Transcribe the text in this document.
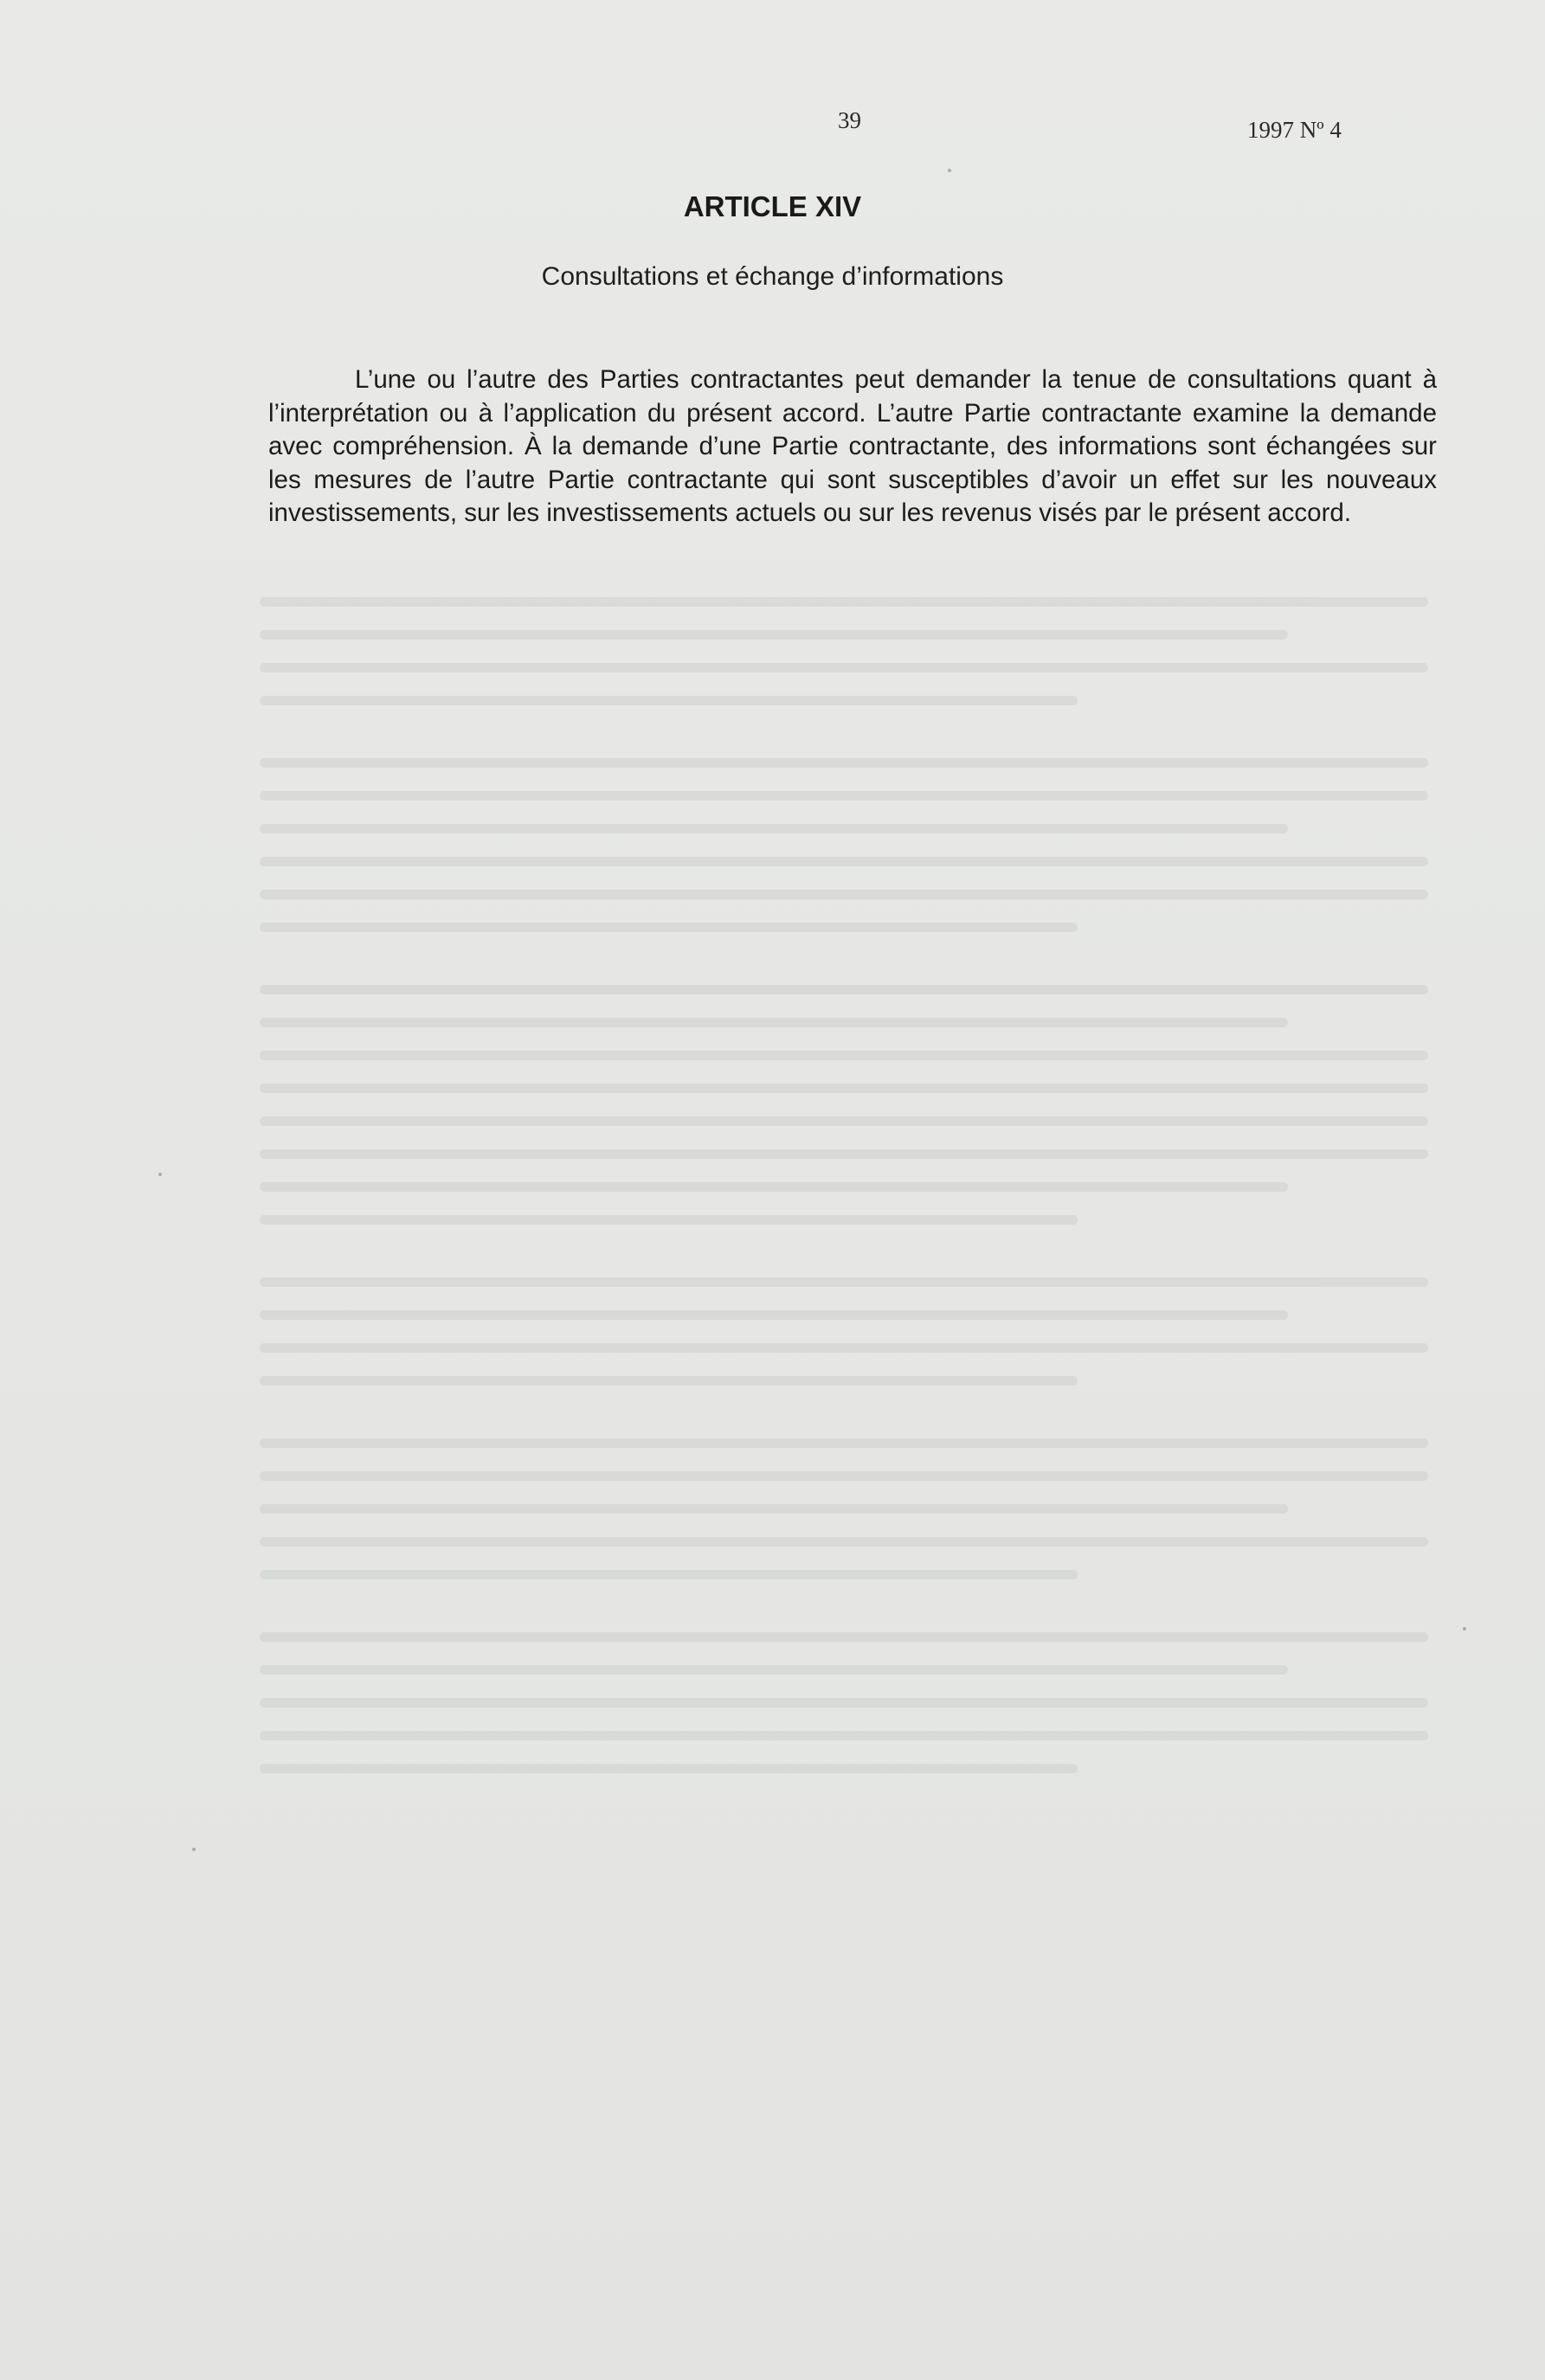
39	1997 Nº 4
ARTICLE XIV
Consultations et échange d’informations

L’une ou l’autre des Parties contractantes peut demander la tenue de consultations quant à l’interprétation ou à l’application du présent accord. L’autre Partie contractante examine la demande avec compréhension. À la demande d’une Partie contractante, des informations sont échangées sur les mesures de l’autre Partie contractante qui sont susceptibles d’avoir un effet sur les nouveaux investissements, sur les investissements actuels ou sur les revenus visés par le présent accord.
